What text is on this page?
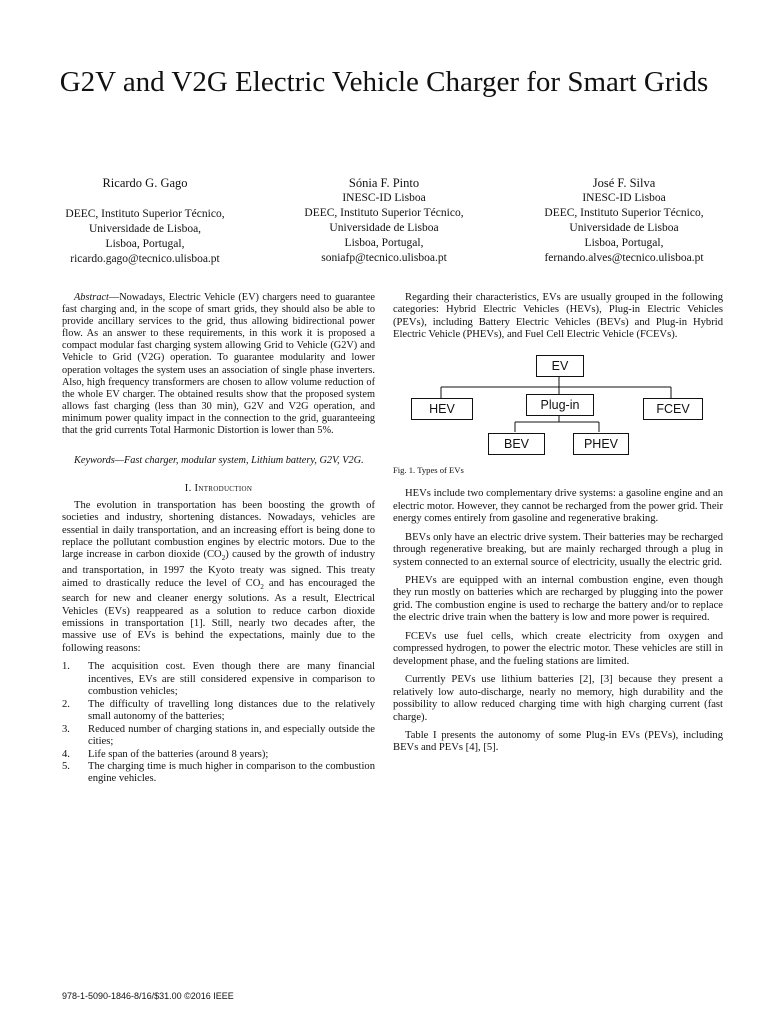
G2V and V2G Electric Vehicle Charger for Smart Grids
Ricardo G. Gago
DEEC, Instituto Superior Técnico,
Universidade de Lisboa,
Lisboa, Portugal,
ricardo.gago@tecnico.ulisboa.pt
Sónia F. Pinto
INESC-ID Lisboa
DEEC, Instituto Superior Técnico,
Universidade de Lisboa
Lisboa, Portugal,
soniafp@tecnico.ulisboa.pt
José F. Silva
INESC-ID Lisboa
DEEC, Instituto Superior Técnico,
Universidade de Lisboa
Lisboa, Portugal,
fernando.alves@tecnico.ulisboa.pt

Abstract—Nowadays, Electric Vehicle (EV) chargers need to guarantee fast charging and, in the scope of smart grids, they should also be able to provide ancillary services to the grid, thus allowing bidirectional power flow. As an answer to these requirements, in this work it is proposed a compact modular fast charging system allowing Grid to Vehicle (G2V) and Vehicle to Grid (V2G) operation. To guarantee modularity and lower operation voltages the system uses an association of single phase inverters. Also, high frequency transformers are chosen to allow volume reduction of the whole EV charger. The obtained results show that the proposed system allows fast charging (less than 30 min), G2V and V2G operation, and minimum power quality impact in the connection to the grid, guaranteeing that the grid currents Total Harmonic Distortion is lower than 5%.

Keywords—Fast charger, modular system, Lithium battery, G2V, V2G.

I. Introduction

The evolution in transportation has been boosting the growth of societies and industry, shortening distances. Nowadays, vehicles are essential in daily transportation, and an increasing effort is being done to replace the pollutant combustion engines by electric motors. Due to the large increase in carbon dioxide $(CO_2)$ caused by the growth of industry and transportation, in 1997 the Kyoto treaty was signed. This treaty aimed to drastically reduce the level of $CO_2$ and has encouraged the search for new and cleaner energy solutions. As a result, Electrical Vehicles (EVs) reappeared as a solution to reduce carbon dioxide emissions in transportation [1]. Still, nearly two decades after, the massive use of EVs is behind the expectations, mainly due to the following reasons:

1.	The acquisition cost. Even though there are many financial incentives, EVs are still considered expensive in comparison to combustion vehicles;
2.	The difficulty of travelling long distances due to the relatively small autonomy of the batteries;
3.	Reduced number of charging stations in, and especially outside the cities;
4.	Life span of the batteries (around 8 years);
5.	The charging time is much higher in comparison to the combustion engine vehicles.

Regarding their characteristics, EVs are usually grouped in the following categories: Hybrid Electric Vehicles (HEVs), Plug-in Electric Vehicles (PEVs), including Battery Electric Vehicles (BEVs) and Plug-in Hybrid Electric Vehicle (PHEVs), and Fuel Cell Electric Vehicle (FCEVs).

EV
HEV	Plug-in	FCEV
BEV	PHEV

Fig. 1. Types of EVs

HEVs include two complementary drive systems: a gasoline engine and an electric motor. However, they cannot be recharged from the power grid. Their energy comes entirely from gasoline and regenerative braking.

BEVs only have an electric drive system. Their batteries may be recharged through regenerative breaking, but are mainly recharged through a plug in system connected to an external source of electricity, usually the electric grid.

PHEVs are equipped with an internal combustion engine, even though they run mostly on batteries which are recharged by plugging into the power grid. The combustion engine is used to recharge the battery and/or to replace the electric drive train when the battery is low and more power is required.

FCEVs use fuel cells, which create electricity from oxygen and compressed hydrogen, to power the electric motor. These vehicles are still in development phase, and the fueling stations are limited.

Currently PEVs use lithium batteries [2], [3] because they present a relatively low auto-discharge, nearly no memory, high durability and the possibility to allow reduced charging time with high charging current (fast charge).

Table I presents the autonomy of some Plug-in EVs (PEVs), including BEVs and PEVs [4], [5].

978-1-5090-1846-8/16/$31.00 ©2016 IEEE
